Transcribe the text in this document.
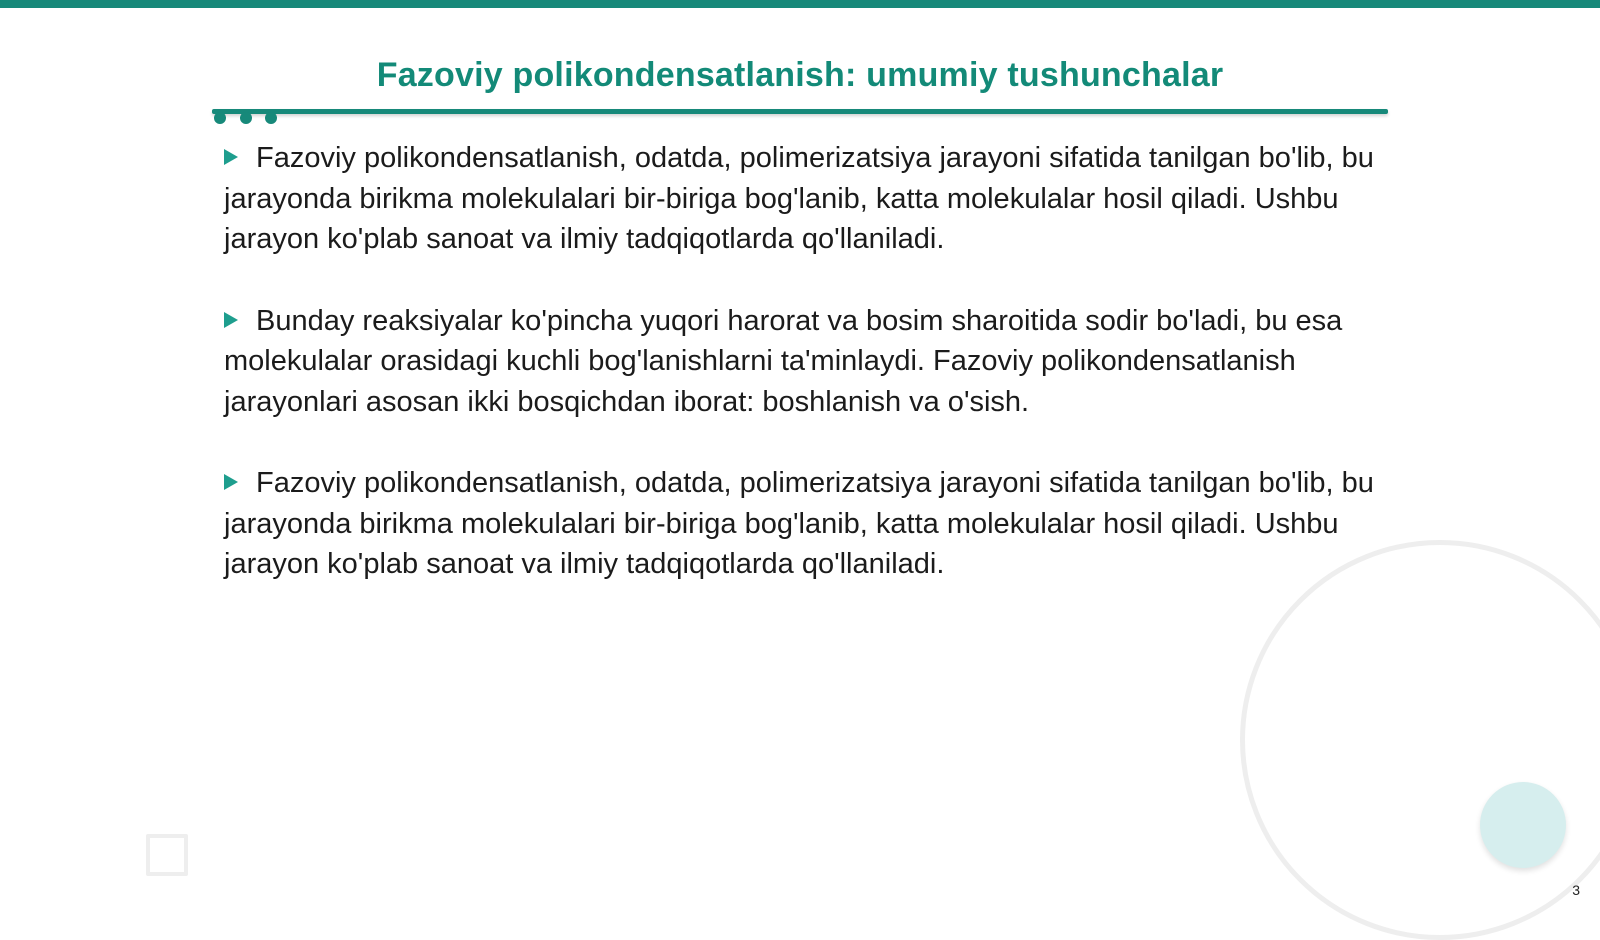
Fazoviy polikondensatlanish: umumiy tushunchalar

Fazoviy polikondensatlanish, odatda, polimerizatsiya jarayoni sifatida tanilgan bo'lib, bu jarayonda birikma molekulalari bir-biriga bog'lanib, katta molekulalar hosil qiladi. Ushbu jarayon ko'plab sanoat va ilmiy tadqiqotlarda qo'llaniladi.

Bunday reaksiyalar ko'pincha yuqori harorat va bosim sharoitida sodir bo'ladi, bu esa molekulalar orasidagi kuchli bog'lanishlarni ta'minlaydi. Fazoviy polikondensatlanish jarayonlari asosan ikki bosqichdan iborat: boshlanish va o'sish.

Fazoviy polikondensatlanish, odatda, polimerizatsiya jarayoni sifatida tanilgan bo'lib, bu jarayonda birikma molekulalari bir-biriga bog'lanib, katta molekulalar hosil qiladi. Ushbu jarayon ko'plab sanoat va ilmiy tadqiqotlarda qo'llaniladi.

3
